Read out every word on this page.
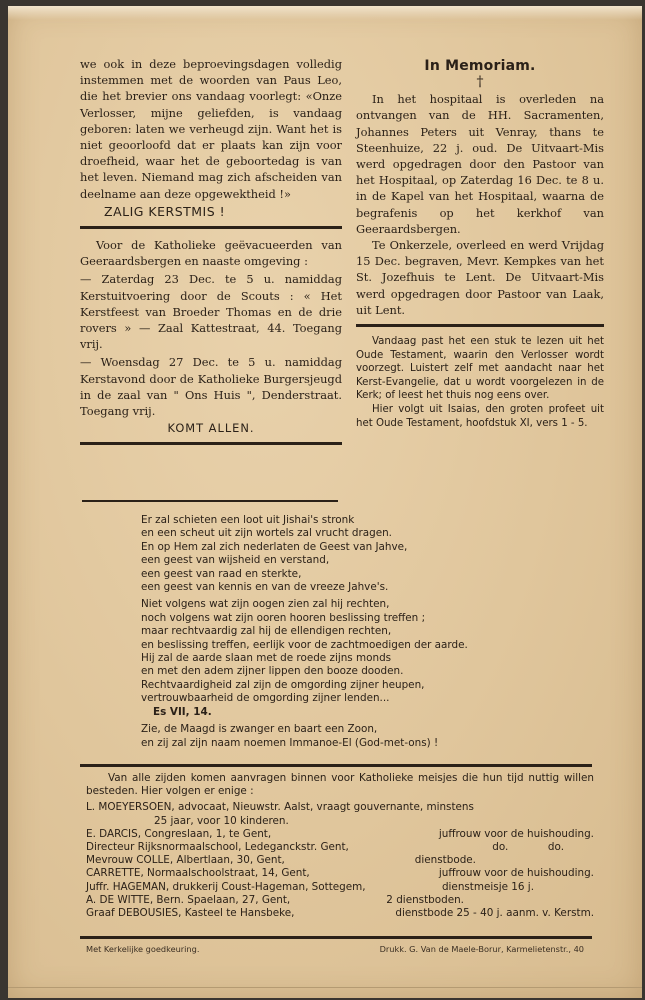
we ook in deze beproevingsdagen volledig instemmen met de woorden van Paus Leo, die het brevier ons vandaag voorlegt: «Onze Verlosser, mijne geliefden, is vandaag geboren: laten we verheugd zijn. Want het is niet geoorloofd dat er plaats kan zijn voor droefheid, waar het de geboortedag is van het leven. Niemand mag zich afscheiden van deelname aan deze opgewektheid !»

ZALIG KERSTMIS !

Voor de Katholieke geëvacueerden van Geeraardsbergen en naaste omgeving :

— Zaterdag 23 Dec. te 5 u. namiddag Kerstuitvoering door de Scouts : « Het Kerstfeest van Broeder Thomas en de drie rovers » — Zaal Kattestraat, 44. Toegang vrij.

— Woensdag 27 Dec. te 5 u. namiddag Kerstavond door de Katholieke Burgersjeugd in de zaal van " Ons Huis ", Denderstraat. Toegang vrij.

KOMT ALLEN.
In Memoriam.
†

In het hospitaal is overleden na ontvangen van de HH. Sacramenten, Johannes Peters uit Venray, thans te Steenhuize, 22 j. oud. De Uitvaart-Mis werd opgedragen door den Pastoor van het Hospitaal, op Zaterdag 16 Dec. te 8 u. in de Kapel van het Hospitaal, waarna de begrafenis op het kerkhof van Geeraardsbergen.

Te Onkerzele, overleed en werd Vrijdag 15 Dec. begraven, Mevr. Kempkes van het St. Jozefhuis te Lent. De Uitvaart-Mis werd opgedragen door Pastoor van Laak, uit Lent.

Vandaag past het een stuk te lezen uit het Oude Testament, waarin den Verlosser wordt voorzegt. Luistert zelf met aandacht naar het Kerst-Evangelie, dat u wordt voorgelezen in de Kerk; of leest het thuis nog eens over.

Hier volgt uit Isaias, den groten profeet uit het Oude Testament, hoofdstuk XI, vers 1 - 5.

Er zal schieten een loot uit Jishai's stronk
en een scheut uit zijn wortels zal vrucht dragen.
En op Hem zal zich nederlaten de Geest van Jahve,
een geest van wijsheid en verstand,
een geest van raad en sterkte,
een geest van kennis en van de vreeze Jahve's.
Niet volgens wat zijn oogen zien zal hij rechten,
noch volgens wat zijn ooren hooren beslissing treffen ;
maar rechtvaardig zal hij de ellendigen rechten,
en beslissing treffen, eerlijk voor de zachtmoedigen der aarde.
Hij zal de aarde slaan met de roede zijns monds
en met den adem zijner lippen den booze dooden.
Rechtvaardigheid zal zijn de omgording zijner heupen,
vertrouwbaarheid de omgording zijner lenden...
Es VII, 14.
Zie, de Maagd is zwanger en baart een Zoon,
en zij zal zijn naam noemen Immanoe-El (God-met-ons) !

Van alle zijden komen aanvragen binnen voor Katholieke meisjes die hun tijd nuttig willen besteden. Hier volgen er enige :

L. MOEYERSOEN, advocaat, Nieuwstr. Aalst, vraagt gouvernante, minstens
25 jaar, voor 10 kinderen.
E. DARCIS, Congreslaan, 1, te Gent,	juffrouw voor de huishouding.
Directeur Rijksnormaalschool, Ledeganckstr. Gent,	do.            do.
Mevrouw COLLE, Albertlaan, 30, Gent,	dienstbode.
CARRETTE, Normaalschoolstraat, 14, Gent,	juffrouw voor de huishouding.
Juffr. HAGEMAN, drukkerij Coust-Hageman, Sottegem,	dienstmeisje 16 j.
A. DE WITTE, Bern. Spaelaan, 27, Gent,	2 dienstboden.
Graaf DEBOUSIES, Kasteel te Hansbeke,	dienstbode 25 - 40 j. aanm. v. Kerstm.
Met Kerkelijke goedkeuring.	Drukk. G. Van de Maele-Borur, Karmelietenstr., 40
